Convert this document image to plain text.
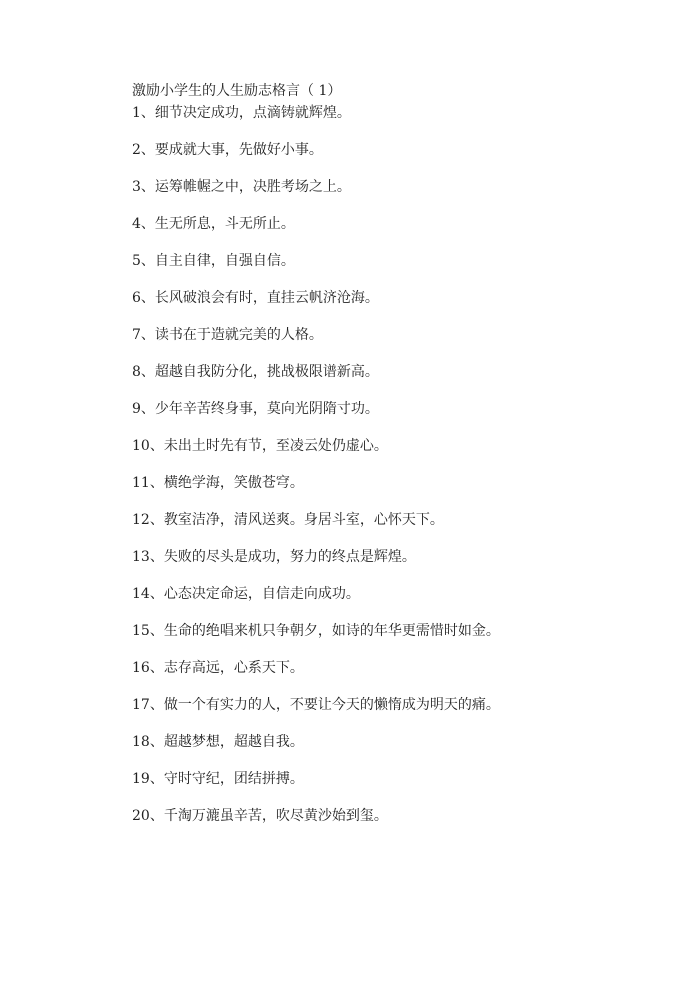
激励小学生的人生励志格言（ 1）
1、细节决定成功，点滴铸就辉煌。
2、要成就大事，先做好小事。
3、运筹帷幄之中，决胜考场之上。
4、生无所息，斗无所止。
5、自主自律，自强自信。
6、长风破浪会有时，直挂云帆济沧海。
7、读书在于造就完美的人格。
8、超越自我防分化，挑战极限谱新高。
9、少年辛苦终身事，莫向光阴隋寸功。
10、未出土时先有节，至凌云处仍虚心。
11、横绝学海，笑傲苍穹。
12、教室洁净，清风送爽。身居斗室，心怀天下。
13、失败的尽头是成功，努力的终点是辉煌。
14、心态决定命运，自信走向成功。
15、生命的绝唱来机只争朝夕，如诗的年华更需惜时如金。
16、志存高远，心系天下。
17、做一个有实力的人，不要让今天的懒惰成为明天的痛。
18、超越梦想，超越自我。
19、守时守纪，团结拼搏。
20、千淘万漉虽辛苦，吹尽黄沙始到玺。
